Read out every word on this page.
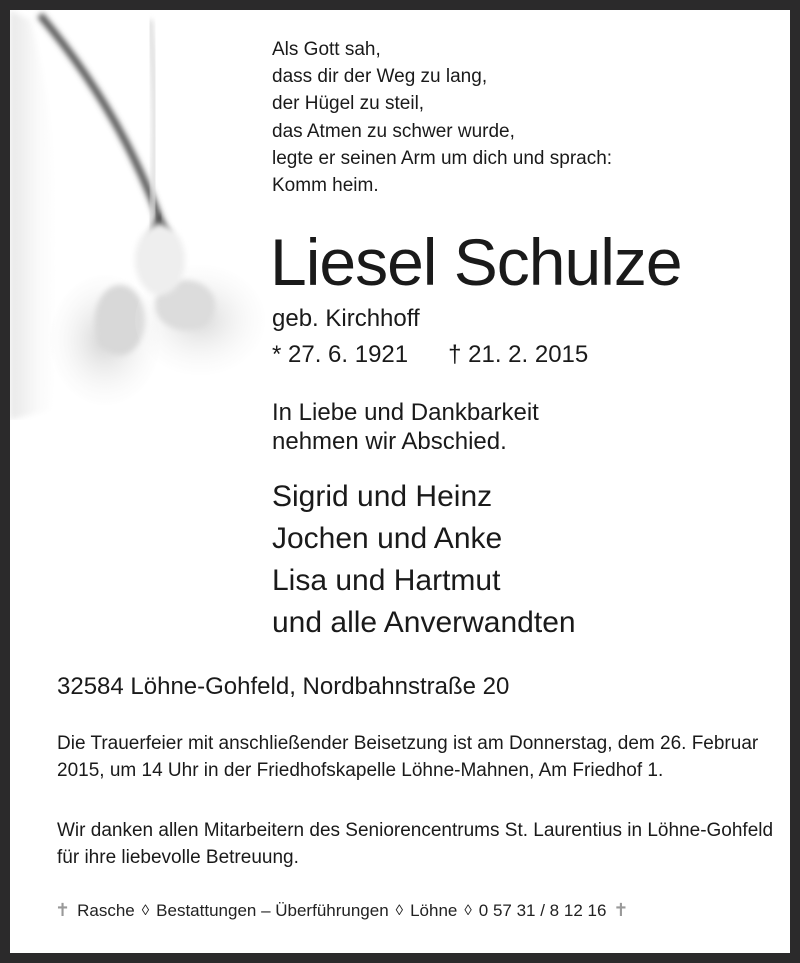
Als Gott sah,
dass dir der Weg zu lang,
der Hügel zu steil,
das Atmen zu schwer wurde,
legte er seinen Arm um dich und sprach:
Komm heim.
Liesel Schulze
geb. Kirchhoff
* 27. 6. 1921 † 21. 2. 2015
In Liebe und Dankbarkeit
nehmen wir Abschied.
Sigrid und Heinz
Jochen und Anke
Lisa und Hartmut
und alle Anverwandten
32584 Löhne-Gohfeld, Nordbahnstraße 20
Die Trauerfeier mit anschließender Beisetzung ist am Donnerstag, dem 26. Februar 2015, um 14 Uhr in der Friedhofskapelle Löhne-Mahnen, Am Friedhof 1.
Wir danken allen Mitarbeitern des Seniorencentrums St. Laurentius in Löhne-Gohfeld für ihre liebevolle Betreuung.
✝ Rasche ◊ Bestattungen – Überführungen ◊ Löhne ◊ 0 57 31 / 8 12 16 ✝
